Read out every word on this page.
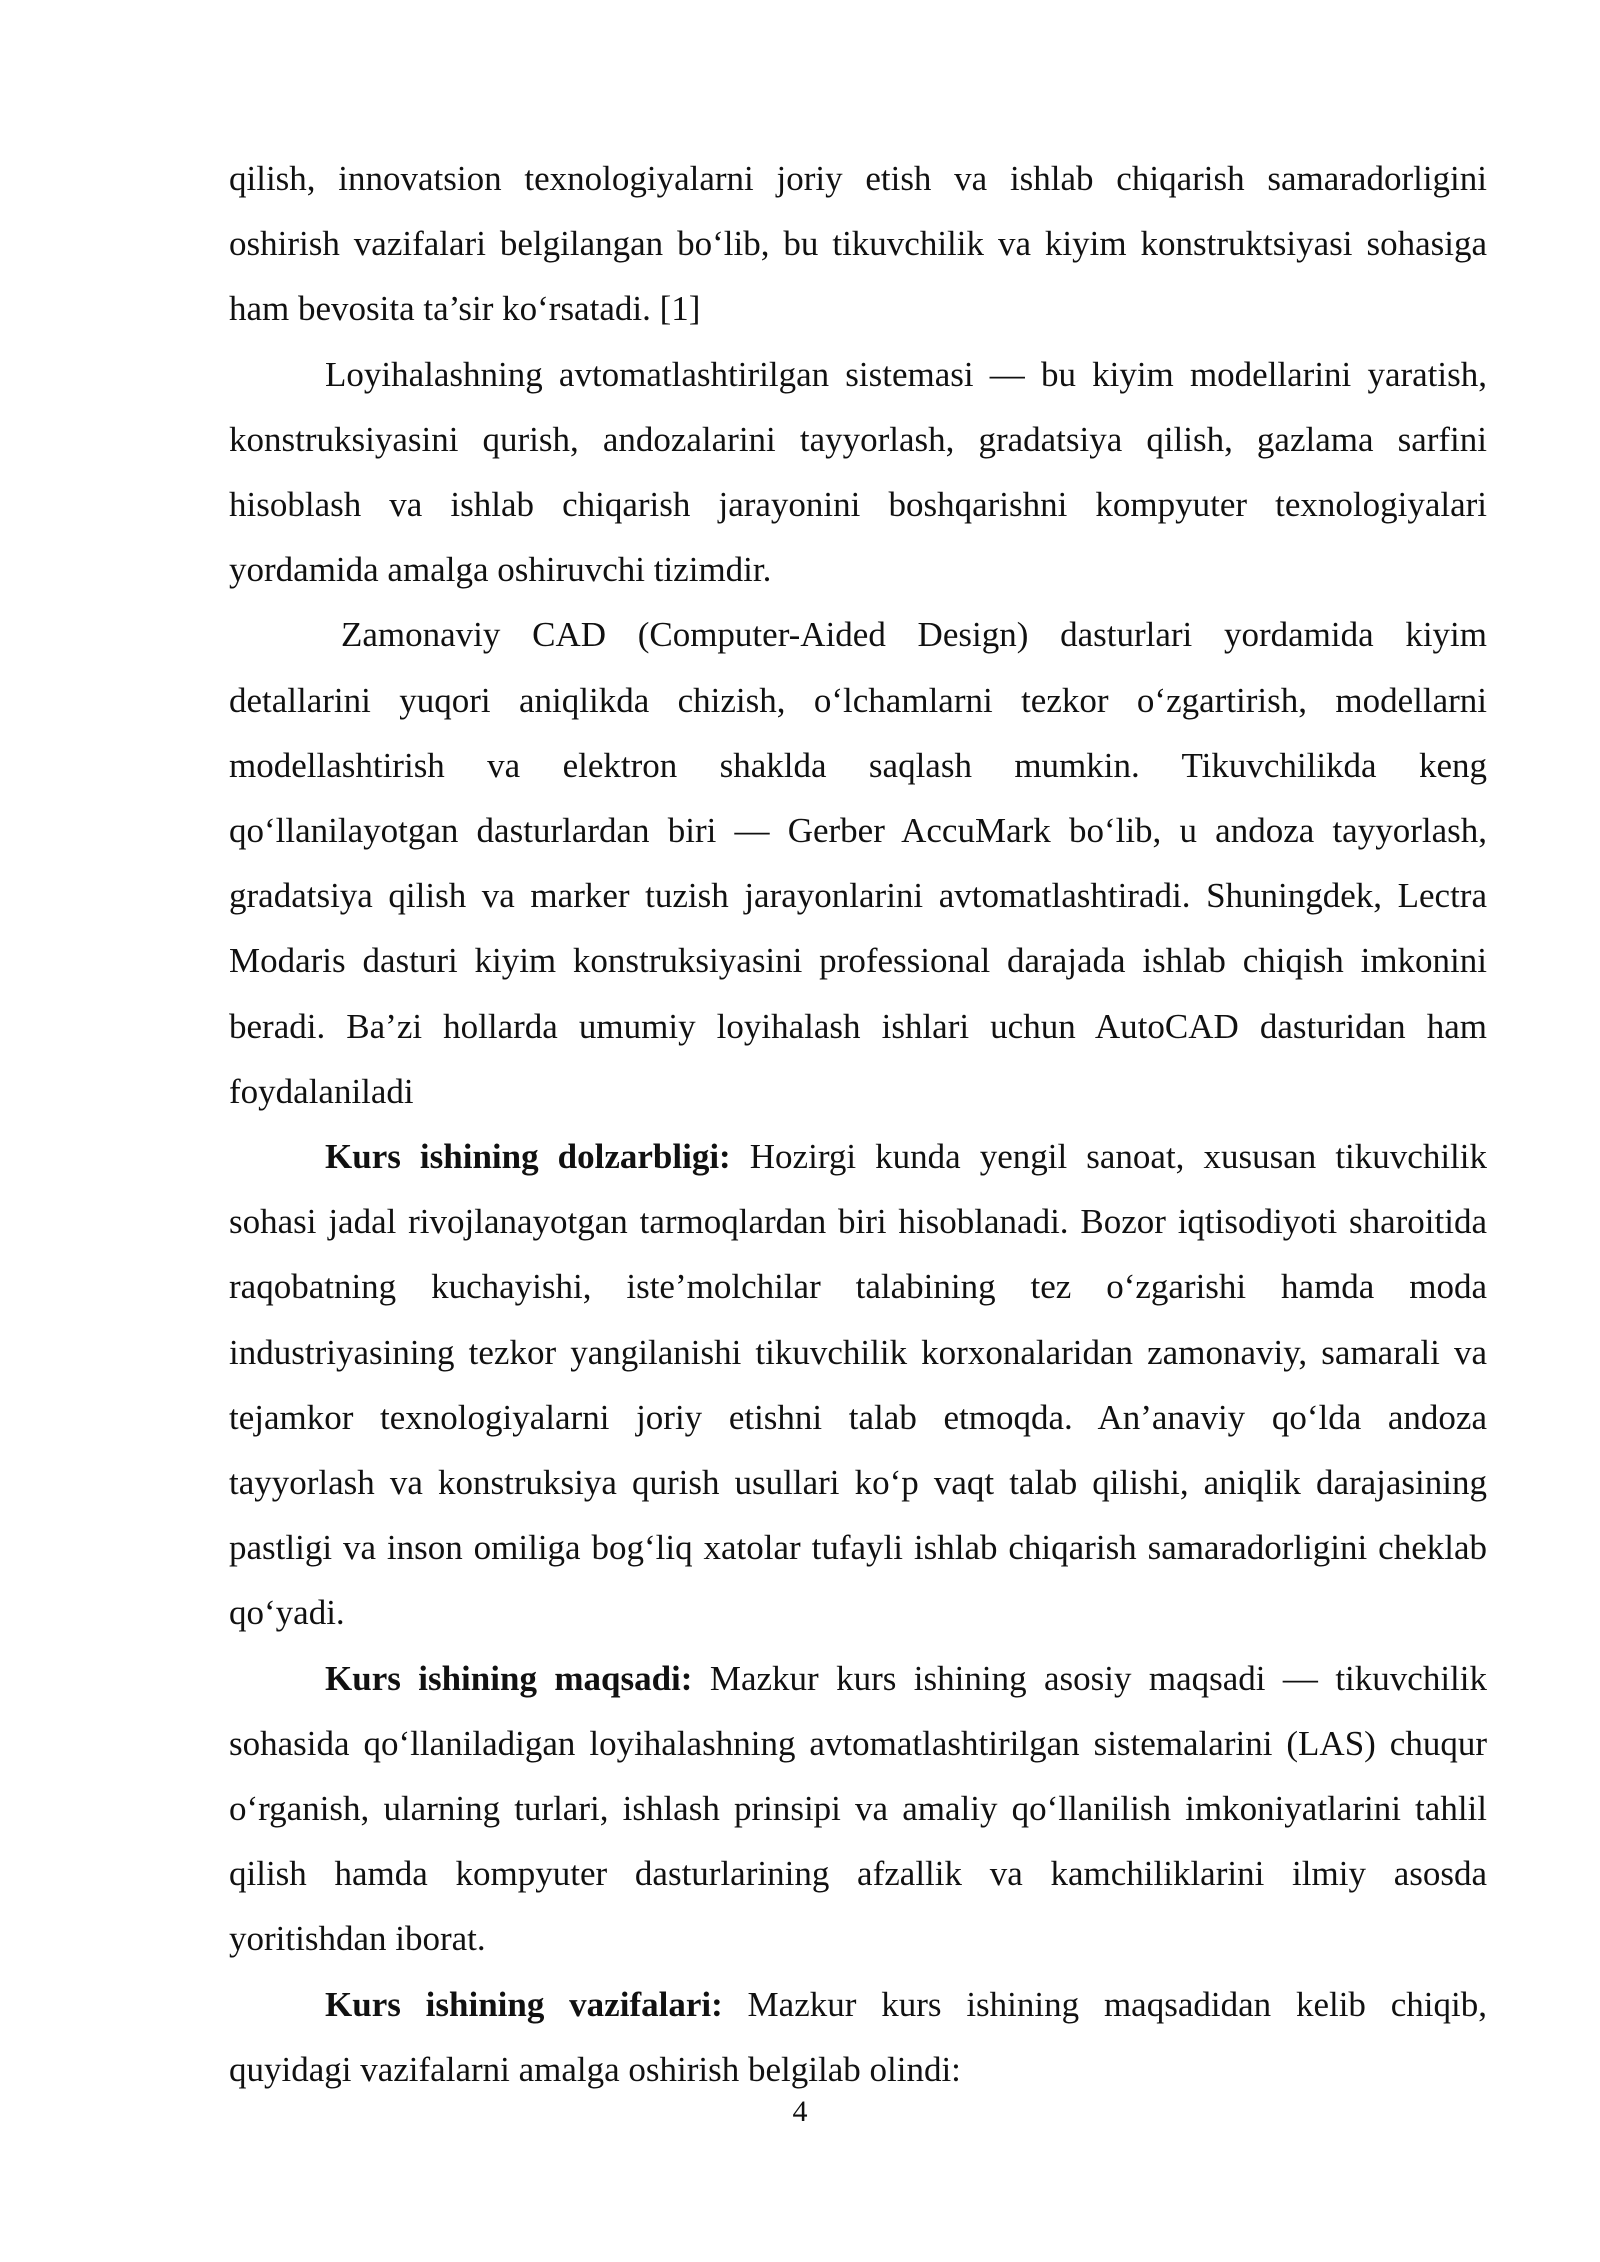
qilish, innovatsion texnologiyalarni joriy etish va ishlab chiqarish samaradorligini oshirish vazifalari belgilangan bo‘lib, bu tikuvchilik va kiyim konstruktsiyasi sohasiga ham bevosita ta’sir ko‘rsatadi. [1]

Loyihalashning avtomatlashtirilgan sistemasi — bu kiyim modellarini yaratish, konstruksiyasini qurish, andozalarini tayyorlash, gradatsiya qilish, gazlama sarfini hisoblash va ishlab chiqarish jarayonini boshqarishni kompyuter texnologiyalari yordamida amalga oshiruvchi tizimdir.

Zamonaviy CAD (Computer-Aided Design) dasturlari yordamida kiyim detallarini yuqori aniqlikda chizish, o‘lchamlarni tezkor o‘zgartirish, modellarni modellashtirish va elektron shaklda saqlash mumkin. Tikuvchilikda keng qo‘llanilayotgan dasturlardan biri — Gerber AccuMark bo‘lib, u andoza tayyorlash, gradatsiya qilish va marker tuzish jarayonlarini avtomatlashtiradi. Shuningdek, Lectra Modaris dasturi kiyim konstruksiyasini professional darajada ishlab chiqish imkonini beradi. Ba’zi hollarda umumiy loyihalash ishlari uchun AutoCAD dasturidan ham foydalaniladi

Kurs ishining dolzarbligi: Hozirgi kunda yengil sanoat, xususan tikuvchilik sohasi jadal rivojlanayotgan tarmoqlardan biri hisoblanadi. Bozor iqtisodiyoti sharoitida raqobatning kuchayishi, iste’molchilar talabining tez o‘zgarishi hamda moda industriyasining tezkor yangilanishi tikuvchilik korxonalaridan zamonaviy, samarali va tejamkor texnologiyalarni joriy etishni talab etmoqda. An’anaviy qo‘lda andoza tayyorlash va konstruksiya qurish usullari ko‘p vaqt talab qilishi, aniqlik darajasining pastligi va inson omiliga bog‘liq xatolar tufayli ishlab chiqarish samaradorligini cheklab qo‘yadi.

Kurs ishining maqsadi: Mazkur kurs ishining asosiy maqsadi — tikuvchilik sohasida qo‘llaniladigan loyihalashning avtomatlashtirilgan sistemalarini (LAS) chuqur o‘rganish, ularning turlari, ishlash prinsipi va amaliy qo‘llanilish imkoniyatlarini tahlil qilish hamda kompyuter dasturlarining afzallik va kamchiliklarini ilmiy asosda yoritishdan iborat.

Kurs ishining vazifalari: Mazkur kurs ishining maqsadidan kelib chiqib, quyidagi vazifalarni amalga oshirish belgilab olindi:

4
